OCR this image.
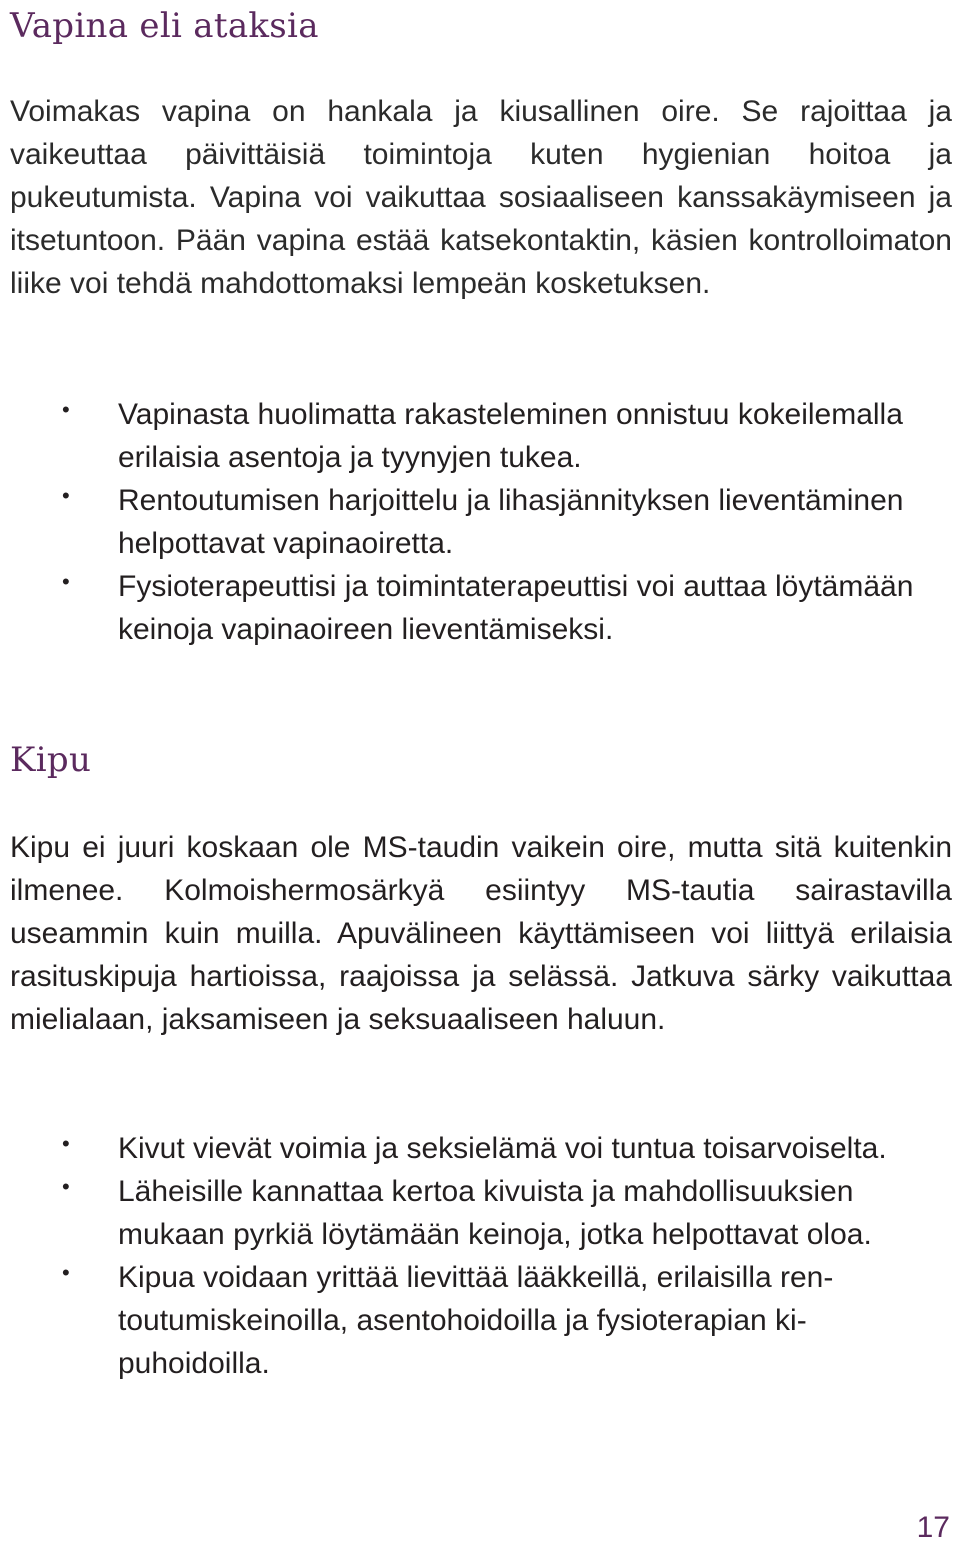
Vapina eli ataksia

Voimakas vapina on hankala ja kiusallinen oire. Se rajoittaa ja vaikeuttaa päivittäisiä toimintoja kuten hygienian hoitoa ja pukeutumista. Vapina voi vaikuttaa sosiaaliseen kanssakäymiseen ja itsetuntoon. Pään vapina estää katsekontaktin, käsien kontrolloimaton liike voi tehdä mahdottomaksi lempeän kosketuksen.

• Vapinasta huolimatta rakasteleminen onnistuu kokeilemalla erilaisia asentoja ja tyynyjen tukea.
• Rentoutumisen harjoittelu ja lihasjännityksen lieventäminen helpottavat vapinaoiretta.
• Fysioterapeuttisi ja toimintaterapeuttisi voi auttaa löytämään keinoja vapinaoireen lieventämiseksi.
Kipu

Kipu ei juuri koskaan ole MS-taudin vaikein oire, mutta sitä kuitenkin ilmenee. Kolmoishermosärkyä esiintyy MS-tautia sairastavilla useammin kuin muilla. Apuvälineen käyttämiseen voi liittyä erilaisia rasituskipuja hartioissa, raajoissa ja selässä. Jatkuva särky vaikuttaa mielialaan, jaksamiseen ja seksuaaliseen haluun.

• Kivut vievät voimia ja seksielämä voi tuntua toisarvoiselta.
• Läheisille kannattaa kertoa kivuista ja mahdollisuuksien mukaan pyrkiä löytämään keinoja, jotka helpottavat oloa.
• Kipua voidaan yrittää lievittää lääkkeillä, erilaisilla rentoutumiskeinoilla, asentohoidoilla ja fysioterapian kipuhoidoilla.
17
